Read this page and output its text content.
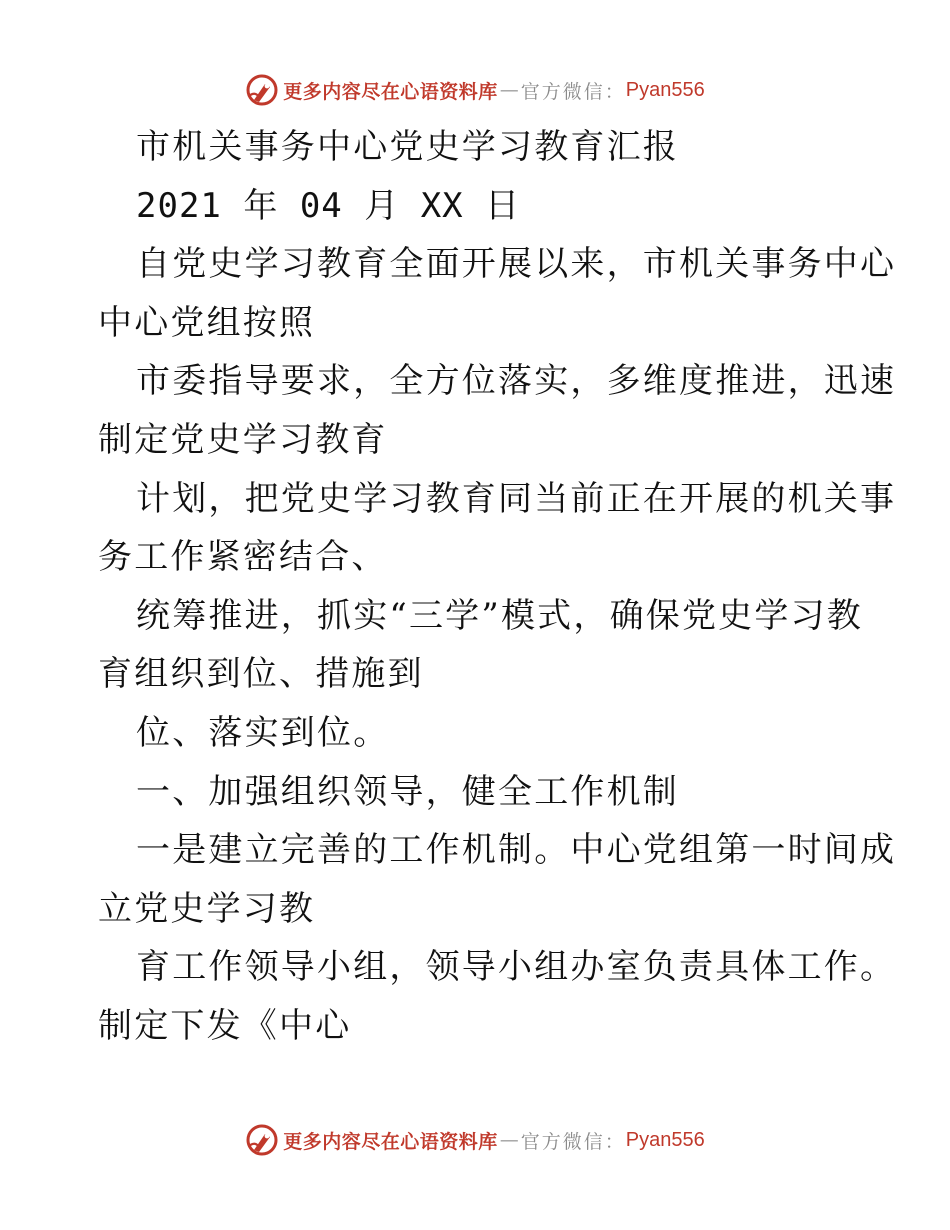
更多内容尽在心语资料库 — 官方微信： Pyan556
市机关事务中心党史学习教育汇报
2021 年 04 月 XX 日
自党史学习教育全面开展以来，市机关事务中心
中心党组按照
市委指导要求，全方位落实，多维度推进，迅速
制定党史学习教育
计划，把党史学习教育同当前正在开展的机关事
务工作紧密结合、
统筹推进，抓实“三学”模式，确保党史学习教
育组织到位、措施到
位、落实到位。
一、加强组织领导，健全工作机制
一是建立完善的工作机制。中心党组第一时间成
立党史学习教
育工作领导小组，领导小组办室负责具体工作。
制定下发《中心
更多内容尽在心语资料库 — 官方微信： Pyan556
